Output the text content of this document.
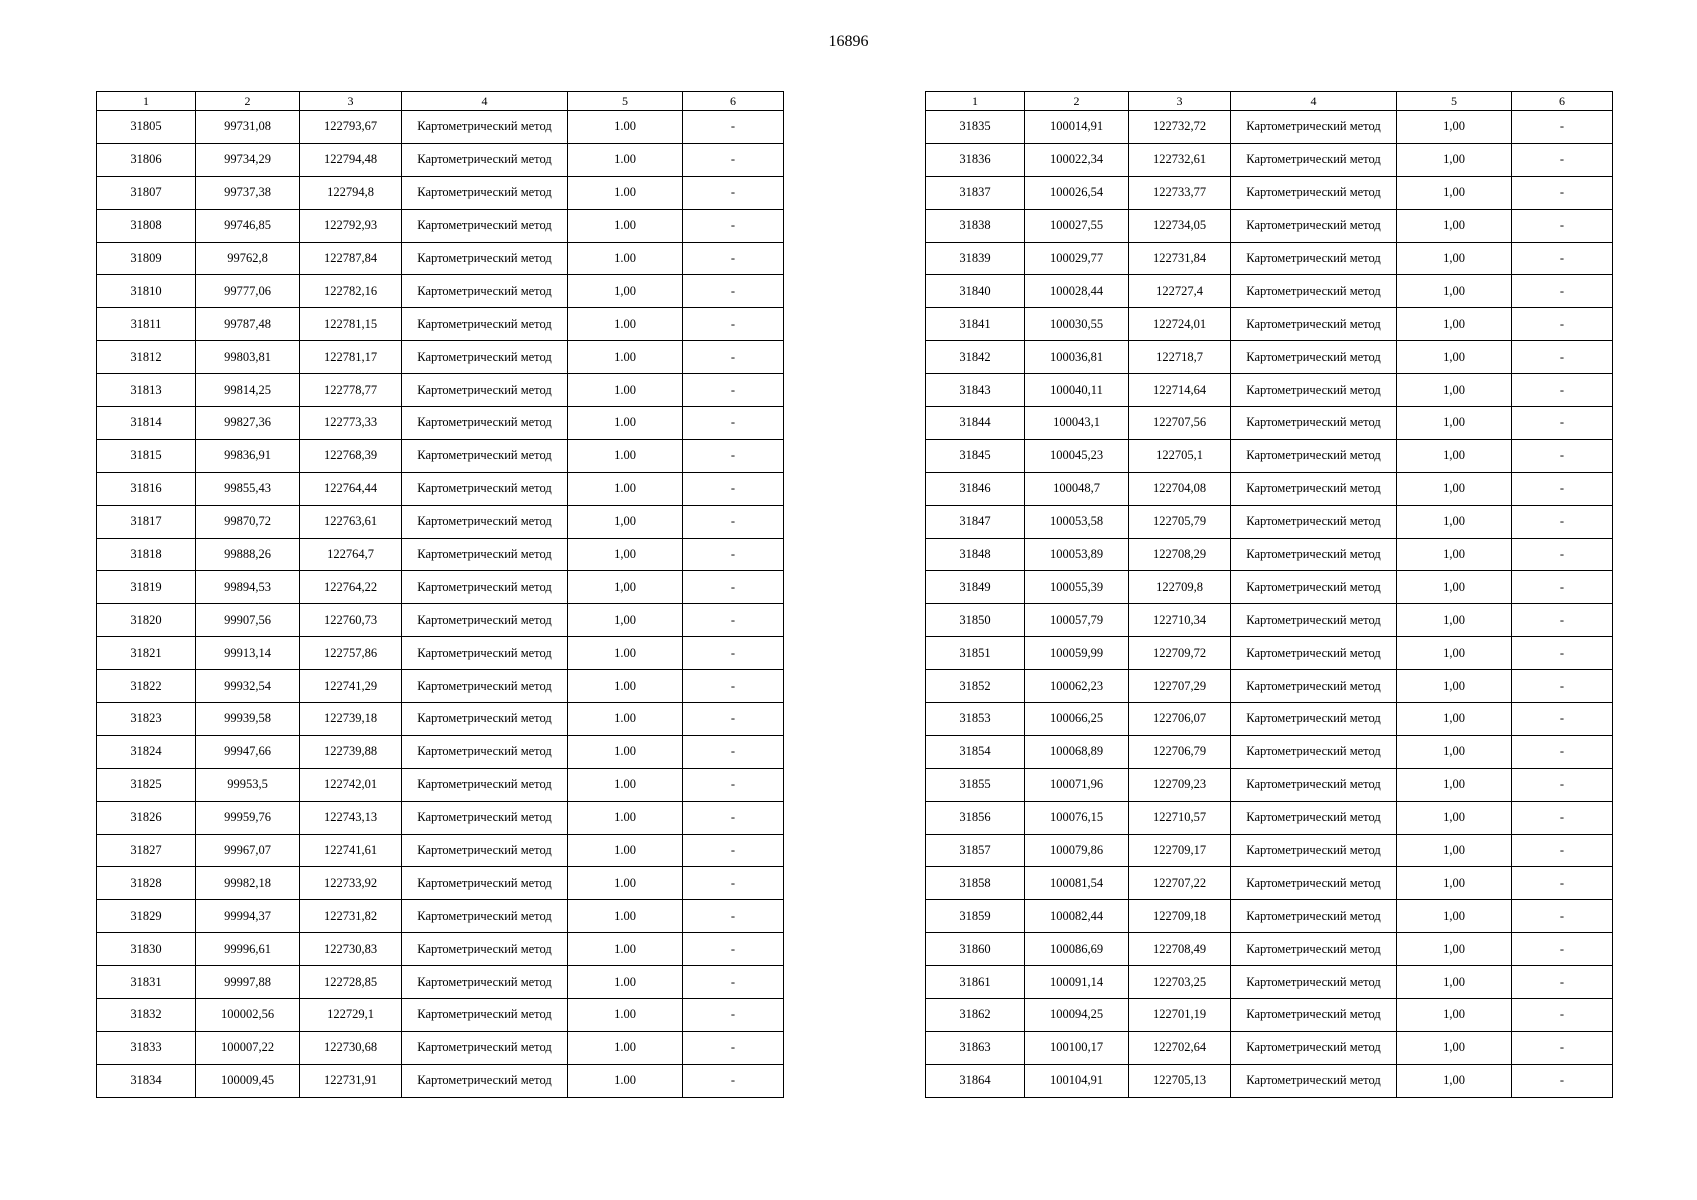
16896
1	2	3	4	5	6
31805	99731,08	122793,67	Картометрический метод	1.00	-
31806	99734,29	122794,48	Картометрический метод	1.00	-
31807	99737,38	122794,8	Картометрический метод	1.00	-
31808	99746,85	122792,93	Картометрический метод	1.00	-
31809	99762,8	122787,84	Картометрический метод	1.00	-
31810	99777,06	122782,16	Картометрический метод	1,00	-
31811	99787,48	122781,15	Картометрический метод	1.00	-
31812	99803,81	122781,17	Картометрический метод	1.00	-
31813	99814,25	122778,77	Картометрический метод	1.00	-
31814	99827,36	122773,33	Картометрический метод	1.00	-
31815	99836,91	122768,39	Картометрический метод	1.00	-
31816	99855,43	122764,44	Картометрический метод	1.00	-
31817	99870,72	122763,61	Картометрический метод	1,00	-
31818	99888,26	122764,7	Картометрический метод	1,00	-
31819	99894,53	122764,22	Картометрический метод	1,00	-
31820	99907,56	122760,73	Картометрический метод	1,00	-
31821	99913,14	122757,86	Картометрический метод	1.00	-
31822	99932,54	122741,29	Картометрический метод	1.00	-
31823	99939,58	122739,18	Картометрический метод	1.00	-
31824	99947,66	122739,88	Картометрический метод	1.00	-
31825	99953,5	122742,01	Картометрический метод	1.00	-
31826	99959,76	122743,13	Картометрический метод	1.00	-
31827	99967,07	122741,61	Картометрический метод	1.00	-
31828	99982,18	122733,92	Картометрический метод	1.00	-
31829	99994,37	122731,82	Картометрический метод	1.00	-
31830	99996,61	122730,83	Картометрический метод	1.00	-
31831	99997,88	122728,85	Картометрический метод	1.00	-
31832	100002,56	122729,1	Картометрический метод	1.00	-
31833	100007,22	122730,68	Картометрический метод	1.00	-
31834	100009,45	122731,91	Картометрический метод	1.00	-
1	2	3	4	5	6
31835	100014,91	122732,72	Картометрический метод	1,00	-
31836	100022,34	122732,61	Картометрический метод	1,00	-
31837	100026,54	122733,77	Картометрический метод	1,00	-
31838	100027,55	122734,05	Картометрический метод	1,00	-
31839	100029,77	122731,84	Картометрический метод	1,00	-
31840	100028,44	122727,4	Картометрический метод	1,00	-
31841	100030,55	122724,01	Картометрический метод	1,00	-
31842	100036,81	122718,7	Картометрический метод	1,00	-
31843	100040,11	122714,64	Картометрический метод	1,00	-
31844	100043,1	122707,56	Картометрический метод	1,00	-
31845	100045,23	122705,1	Картометрический метод	1,00	-
31846	100048,7	122704,08	Картометрический метод	1,00	-
31847	100053,58	122705,79	Картометрический метод	1,00	-
31848	100053,89	122708,29	Картометрический метод	1,00	-
31849	100055,39	122709,8	Картометрический метод	1,00	-
31850	100057,79	122710,34	Картометрический метод	1,00	-
31851	100059,99	122709,72	Картометрический метод	1,00	-
31852	100062,23	122707,29	Картометрический метод	1,00	-
31853	100066,25	122706,07	Картометрический метод	1,00	-
31854	100068,89	122706,79	Картометрический метод	1,00	-
31855	100071,96	122709,23	Картометрический метод	1,00	-
31856	100076,15	122710,57	Картометрический метод	1,00	-
31857	100079,86	122709,17	Картометрический метод	1,00	-
31858	100081,54	122707,22	Картометрический метод	1,00	-
31859	100082,44	122709,18	Картометрический метод	1,00	-
31860	100086,69	122708,49	Картометрический метод	1,00	-
31861	100091,14	122703,25	Картометрический метод	1,00	-
31862	100094,25	122701,19	Картометрический метод	1,00	-
31863	100100,17	122702,64	Картометрический метод	1,00	-
31864	100104,91	122705,13	Картометрический метод	1,00	-
